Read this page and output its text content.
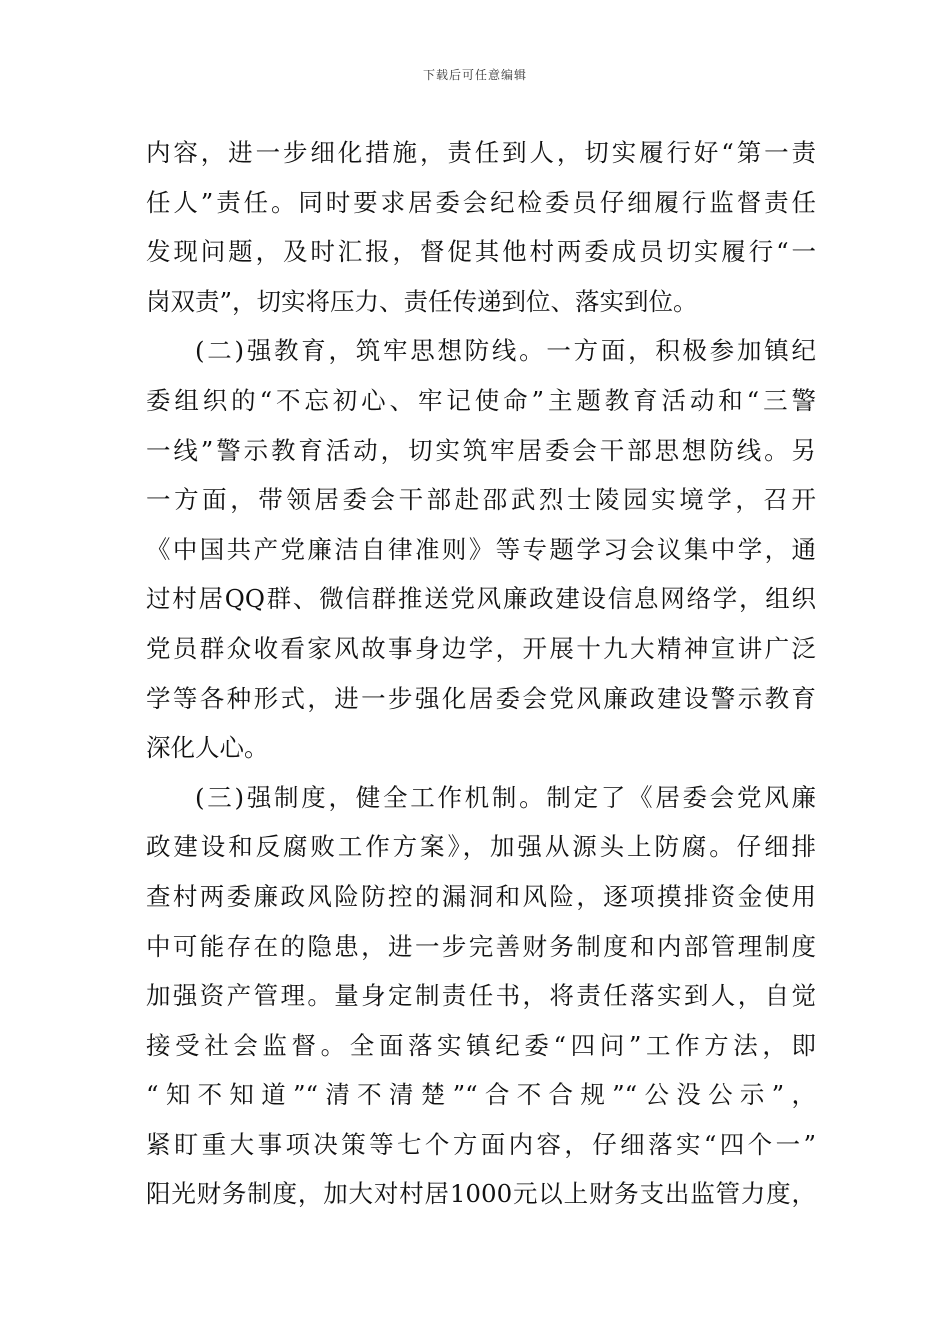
下载后可任意编辑
内容，进一步细化措施，责任到人，切实履行好“第一责
任人”责任。同时要求居委会纪检委员仔细履行监督责任
发现问题，及时汇报，督促其他村两委成员切实履行“一
岗双责”，切实将压力、责任传递到位、落实到位。
(二)强教育，筑牢思想防线。一方面，积极参加镇纪
委组织的“不忘初心、牢记使命”主题教育活动和“三警
一线”警示教育活动，切实筑牢居委会干部思想防线。另
一方面，带领居委会干部赴邵武烈士陵园实境学，召开
《中国共产党廉洁自律准则》等专题学习会议集中学，通
过村居QQ群、微信群推送党风廉政建设信息网络学，组织
党员群众收看家风故事身边学，开展十九大精神宣讲广泛
学等各种形式，进一步强化居委会党风廉政建设警示教育
深化人心。
(三)强制度，健全工作机制。制定了《居委会党风廉
政建设和反腐败工作方案》，加强从源头上防腐。仔细排
查村两委廉政风险防控的漏洞和风险，逐项摸排资金使用
中可能存在的隐患，进一步完善财务制度和内部管理制度
加强资产管理。量身定制责任书，将责任落实到人，自觉
接受社会监督。全面落实镇纪委“四问”工作方法，即
“知不知道”“清不清楚”“合不合规”“公没公示”，
紧盯重大事项决策等七个方面内容，仔细落实“四个一”
阳光财务制度，加大对村居1000元以上财务支出监管力度，
